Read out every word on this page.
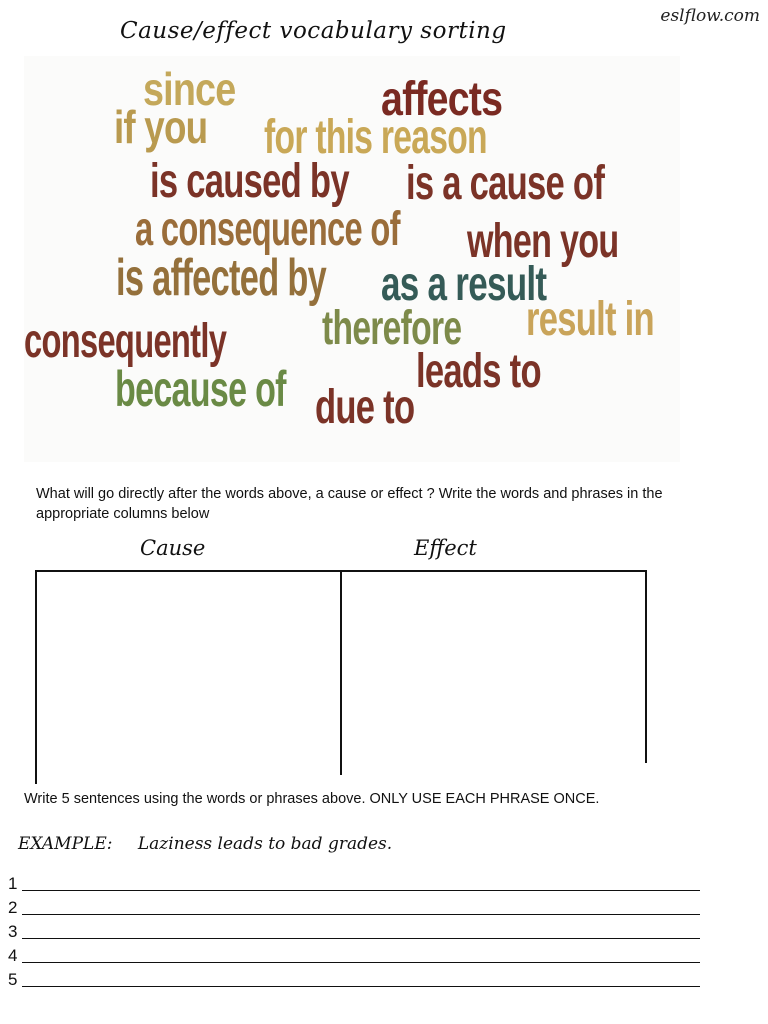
eslflow.com
Cause/effect vocabulary sorting
since
if you
affects
for this reason
is caused by is a cause of
a consequence of when you
is affected by as a result
therefore result in
consequently
leads to
because of due to
What will go directly after the words above, a cause or effect ? Write the words and phrases in the appropriate columns below
Cause	Effect
Write 5 sentences using the words or phrases above. ONLY USE EACH PHRASE ONCE.
EXAMPLE: Laziness leads to bad grades.
1
2
3
4
5
